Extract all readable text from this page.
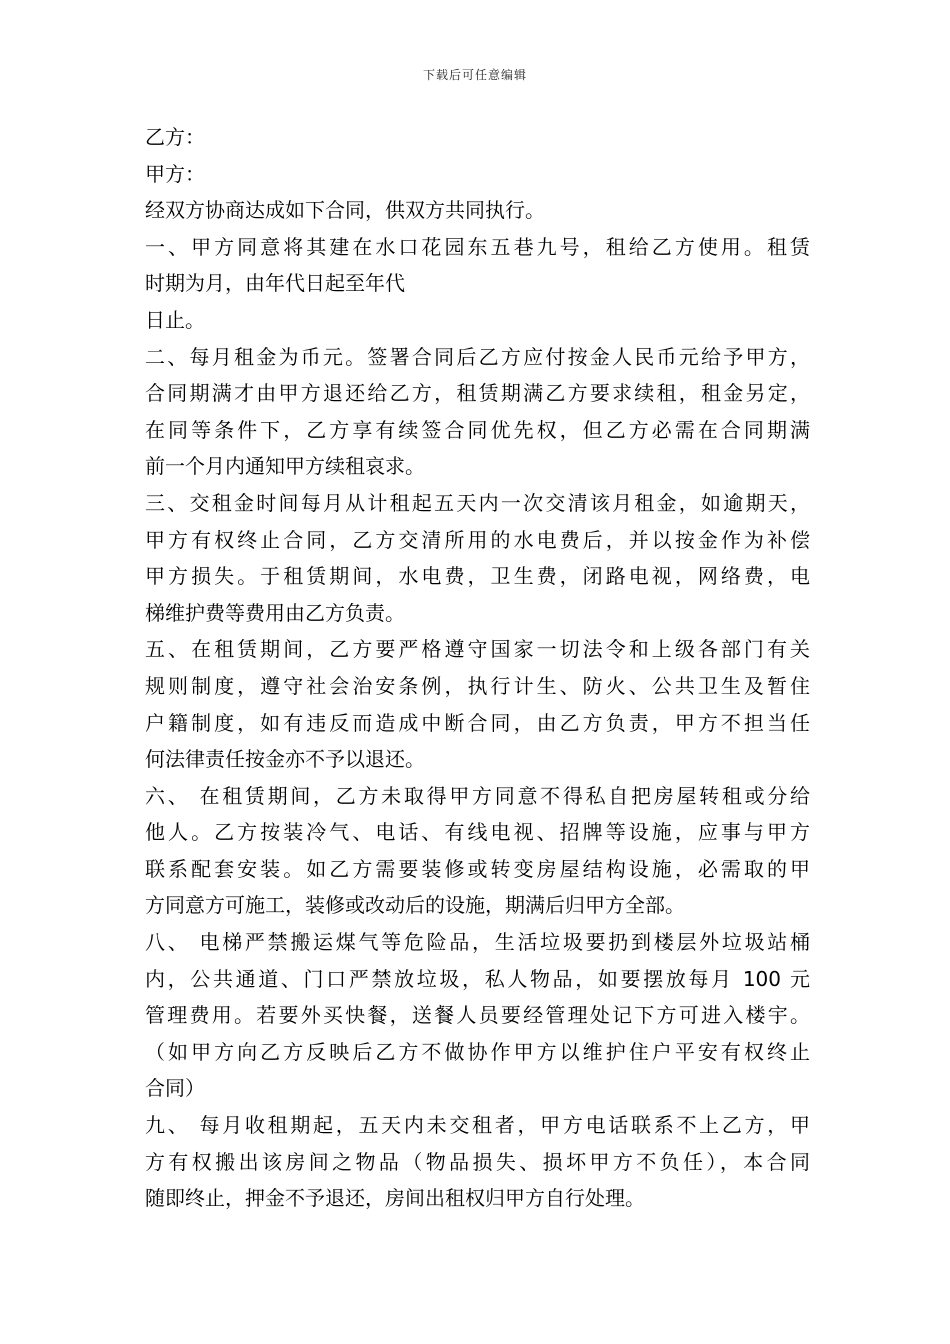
下载后可任意编辑
乙方：
甲方：
经双方协商达成如下合同，供双方共同执行。
一、甲方同意将其建在水口花园东五巷九号，租给乙方使用。租赁
时期为月，由年代日起至年代
日止。
二、每月租金为币元。签署合同后乙方应付按金人民币元给予甲方，
合同期满才由甲方退还给乙方，租赁期满乙方要求续租，租金另定，
在同等条件下，乙方享有续签合同优先权，但乙方必需在合同期满
前一个月内通知甲方续租哀求。
三、交租金时间每月从计租起五天内一次交清该月租金，如逾期天，
甲方有权终止合同，乙方交清所用的水电费后，并以按金作为补偿
甲方损失。于租赁期间，水电费，卫生费，闭路电视，网络费，电
梯维护费等费用由乙方负责。
五、在租赁期间，乙方要严格遵守国家一切法令和上级各部门有关
规则制度，遵守社会治安条例，执行计生、防火、公共卫生及暂住
户籍制度，如有违反而造成中断合同，由乙方负责，甲方不担当任
何法律责任按金亦不予以退还。
六、 在租赁期间，乙方未取得甲方同意不得私自把房屋转租或分给
他人。乙方按装冷气、电话、有线电视、招牌等设施，应事与甲方
联系配套安装。如乙方需要装修或转变房屋结构设施，必需取的甲
方同意方可施工，装修或改动后的设施，期满后归甲方全部。
八、 电梯严禁搬运煤气等危险品，生活垃圾要扔到楼层外垃圾站桶
内，公共通道、门口严禁放垃圾，私人物品，如要摆放每月 100 元
管理费用。若要外买快餐，送餐人员要经管理处记下方可进入楼宇。
（如甲方向乙方反映后乙方不做协作甲方以维护住户平安有权终止
合同）
九、 每月收租期起，五天内未交租者，甲方电话联系不上乙方，甲
方有权搬出该房间之物品（物品损失、损坏甲方不负任），本合同
随即终止，押金不予退还，房间出租权归甲方自行处理。
